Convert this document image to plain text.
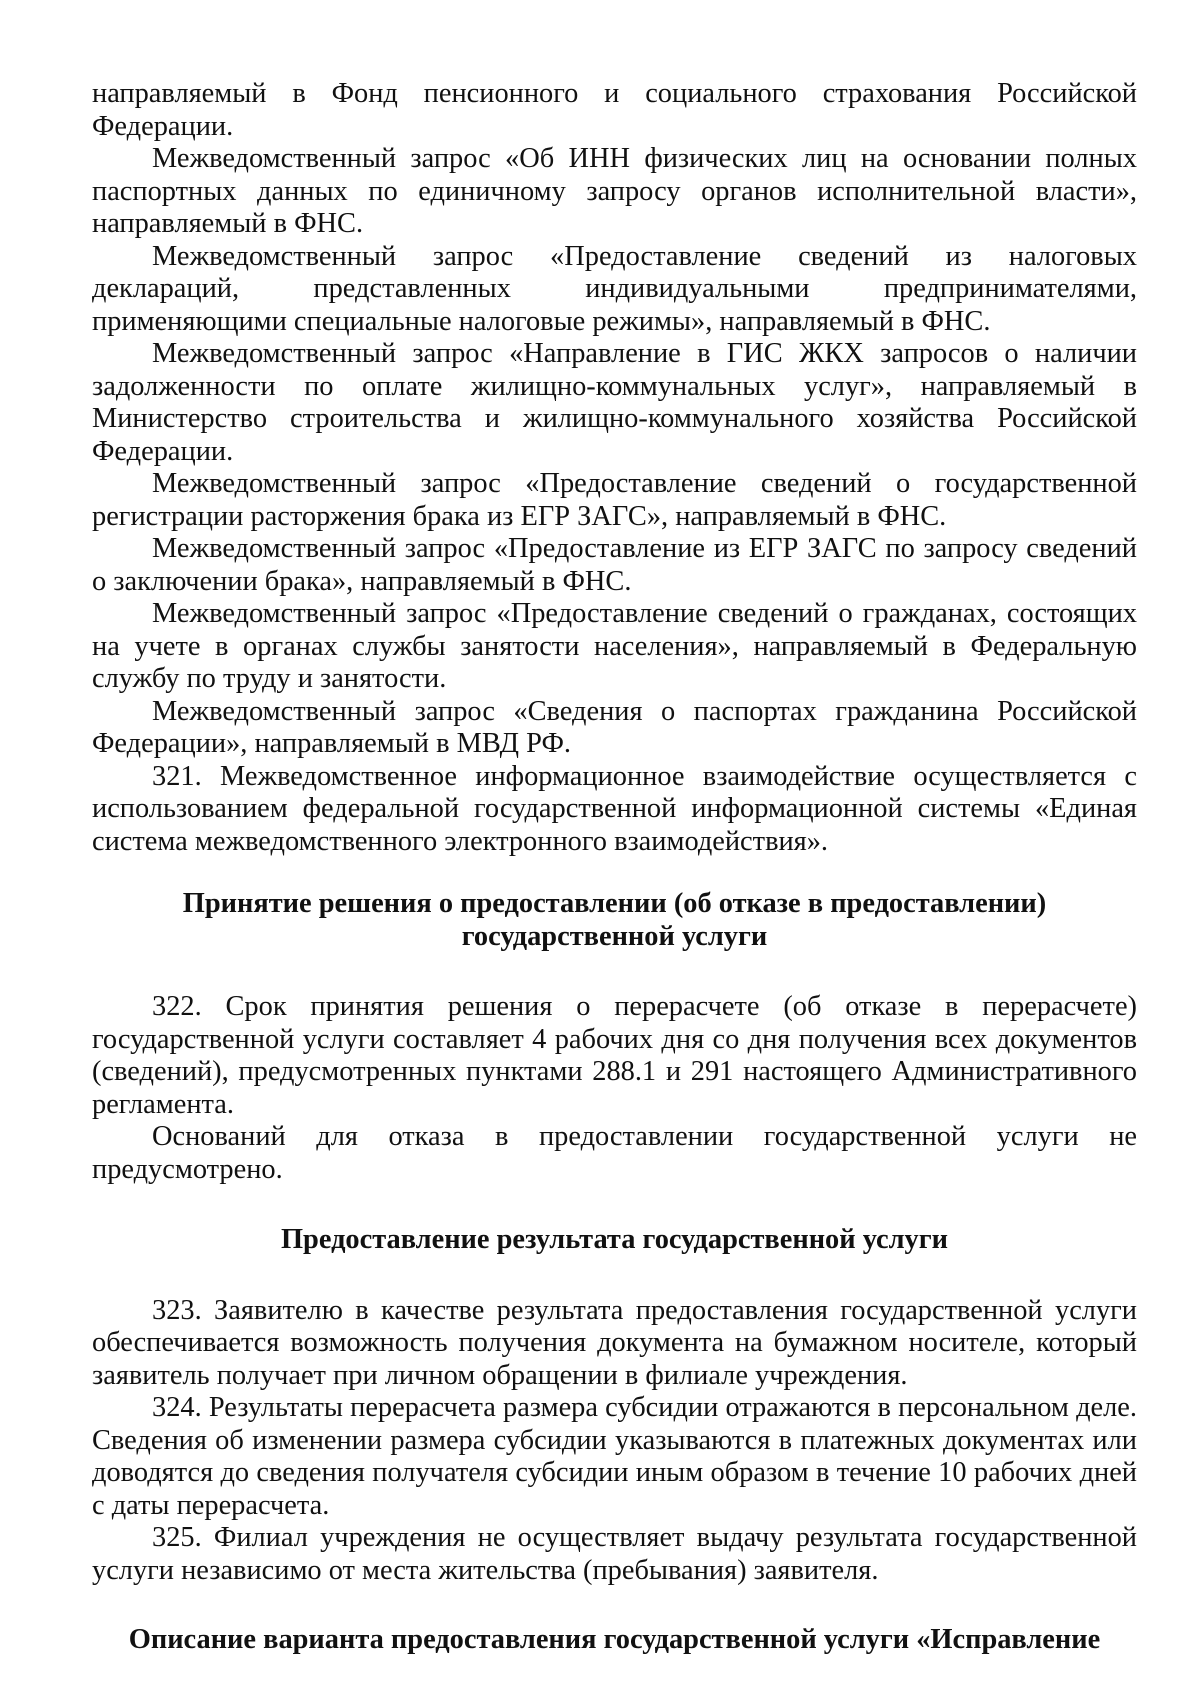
направляемый в Фонд пенсионного и социального страхования Российской Федерации.

Межведомственный запрос «Об ИНН физических лиц на основании полных паспортных данных по единичному запросу органов исполнительной власти», направляемый в ФНС.

Межведомственный запрос «Предоставление сведений из налоговых деклараций, представленных индивидуальными предпринимателями, применяющими специальные налоговые режимы», направляемый в ФНС.

Межведомственный запрос «Направление в ГИС ЖКХ запросов о наличии задолженности по оплате жилищно-коммунальных услуг», направляемый в Министерство строительства и жилищно-коммунального хозяйства Российской Федерации.

Межведомственный запрос «Предоставление сведений о государственной регистрации расторжения брака из ЕГР ЗАГС», направляемый в ФНС.

Межведомственный запрос «Предоставление из ЕГР ЗАГС по запросу сведений о заключении брака», направляемый в ФНС.

Межведомственный запрос «Предоставление сведений о гражданах, состоящих на учете в органах службы занятости населения», направляемый в Федеральную службу по труду и занятости.

Межведомственный запрос «Сведения о паспортах гражданина Российской Федерации», направляемый в МВД РФ.

321. Межведомственное информационное взаимодействие осуществляется с использованием федеральной государственной информационной системы «Единая система межведомственного электронного взаимодействия».

Принятие решения о предоставлении (об отказе в предоставлении)
государственной услуги

322. Срок принятия решения о перерасчете (об отказе в перерасчете) государственной услуги составляет 4 рабочих дня со дня получения всех документов (сведений), предусмотренных пунктами 288.1 и 291 настоящего Административного регламента.

Оснований для отказа в предоставлении государственной услуги не предусмотрено.

Предоставление результата государственной услуги

323. Заявителю в качестве результата предоставления государственной услуги обеспечивается возможность получения документа на бумажном носителе, который заявитель получает при личном обращении в филиале учреждения.

324. Результаты перерасчета размера субсидии отражаются в персональном деле. Сведения об изменении размера субсидии указываются в платежных документах или доводятся до сведения получателя субсидии иным образом в течение 10 рабочих дней с даты перерасчета.

325. Филиал учреждения не осуществляет выдачу результата государственной услуги независимо от места жительства (пребывания) заявителя.

Описание варианта предоставления государственной услуги «Исправление
